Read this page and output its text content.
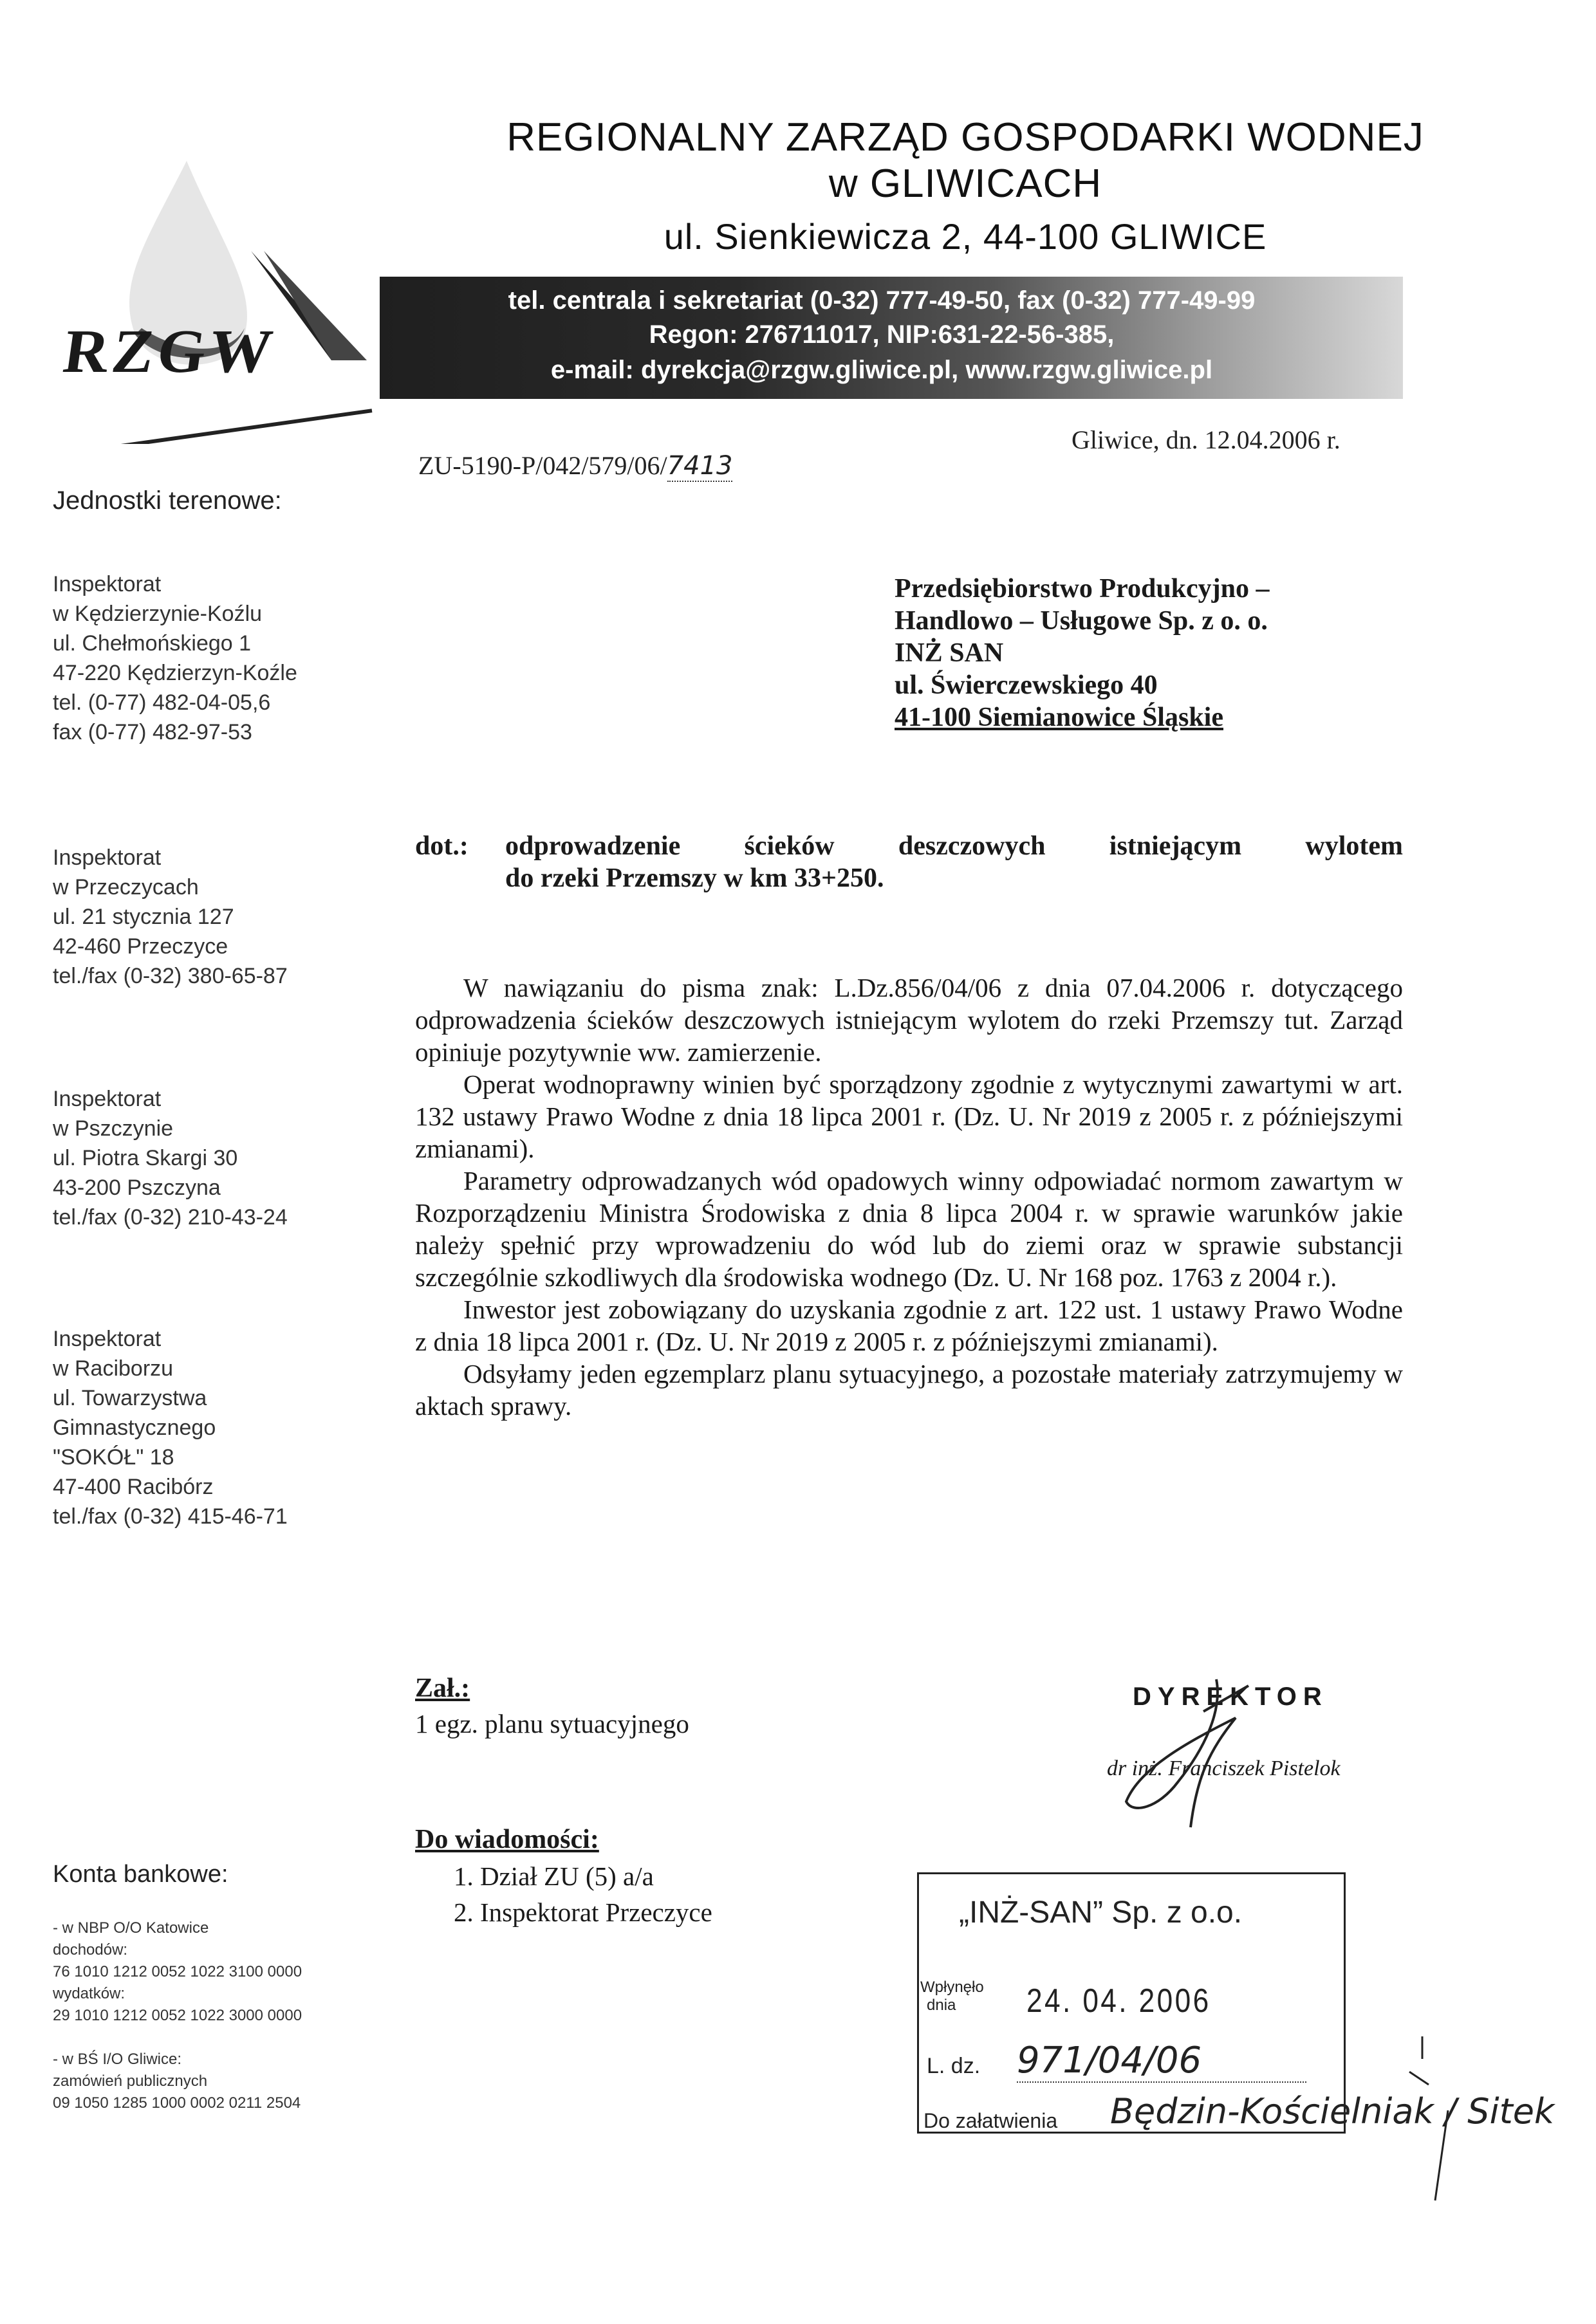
RZGW
REGIONALNY ZARZĄD GOSPODARKI WODNEJ
w GLIWICACH
ul. Sienkiewicza 2, 44-100 GLIWICE
tel. centrala i sekretariat (0-32) 777-49-50, fax (0-32) 777-49-99
Regon: 276711017, NIP:631-22-56-385,
e-mail: dyrekcja@rzgw.gliwice.pl, www.rzgw.gliwice.pl
Jednostki terenowe:
Inspektorat
w Kędzierzynie-Koźlu
ul. Chełmońskiego 1
47-220 Kędzierzyn-Koźle
tel. (0-77) 482-04-05,6
fax (0-77) 482-97-53
Inspektorat
w Przeczycach
ul. 21 stycznia 127
42-460 Przeczyce
tel./fax (0-32) 380-65-87
Inspektorat
w Pszczynie
ul. Piotra Skargi 30
43-200 Pszczyna
tel./fax (0-32) 210-43-24
Inspektorat
w Raciborzu
ul. Towarzystwa
Gimnastycznego
"SOKÓŁ" 18
47-400 Racibórz
tel./fax (0-32) 415-46-71
Konta bankowe:
- w NBP O/O Katowice
dochodów:
76 1010 1212 0052 1022 3100 0000
wydatków:
29 1010 1212 0052 1022 3000 0000
- w BŚ I/O Gliwice:
zamówień publicznych
09 1050 1285 1000 0002 0211 2504
ZU-5190-P/042/579/06/7413
Gliwice, dn. 12.04.2006 r.
Przedsiębiorstwo Produkcyjno –
Handlowo – Usługowe Sp. z o. o.
INŻ SAN
ul. Świerczewskiego 40
41-100 Siemianowice Śląskie
dot.:	odprowadzenie ścieków deszczowych istniejącym wylotem
do rzeki Przemszy w km 33+250.

W nawiązaniu do pisma znak: L.Dz.856/04/06 z dnia 07.04.2006 r. dotyczącego odprowadzenia ścieków deszczowych istniejącym wylotem do rzeki Przemszy tut. Zarząd opiniuje pozytywnie ww. zamierzenie.

Operat wodnoprawny winien być sporządzony zgodnie z wytycznymi zawartymi w art. 132 ustawy Prawo Wodne z dnia 18 lipca 2001 r. (Dz. U. Nr 2019 z 2005 r. z późniejszymi zmianami).

Parametry odprowadzanych wód opadowych winny odpowiadać normom zawartym w Rozporządzeniu Ministra Środowiska z dnia 8 lipca 2004 r. w sprawie warunków jakie należy spełnić przy wprowadzeniu do wód lub do ziemi oraz w sprawie substancji szczególnie szkodliwych dla środowiska wodnego (Dz. U. Nr 168 poz. 1763 z 2004 r.).

Inwestor jest zobowiązany do uzyskania zgodnie z art. 122 ust. 1 ustawy Prawo Wodne z dnia 18 lipca 2001 r. (Dz. U. Nr 2019 z 2005 r. z późniejszymi zmianami).

Odsyłamy jeden egzemplarz planu sytuacyjnego, a pozostałe materiały zatrzymujemy w aktach sprawy.

Zał.:
1 egz. planu sytuacyjnego
Do wiadomości:
1. Dział ZU (5) a/a
2. Inspektorat Przeczyce
DYREKTOR
dr inż. Franciszek Pistelok
„INŻ-SAN” Sp. z o.o.
Wpłynęło
dnia	24. 04. 2006
L. dz. 971/04/06
Do załatwienia Będzin-Kościelniak / Sitek
